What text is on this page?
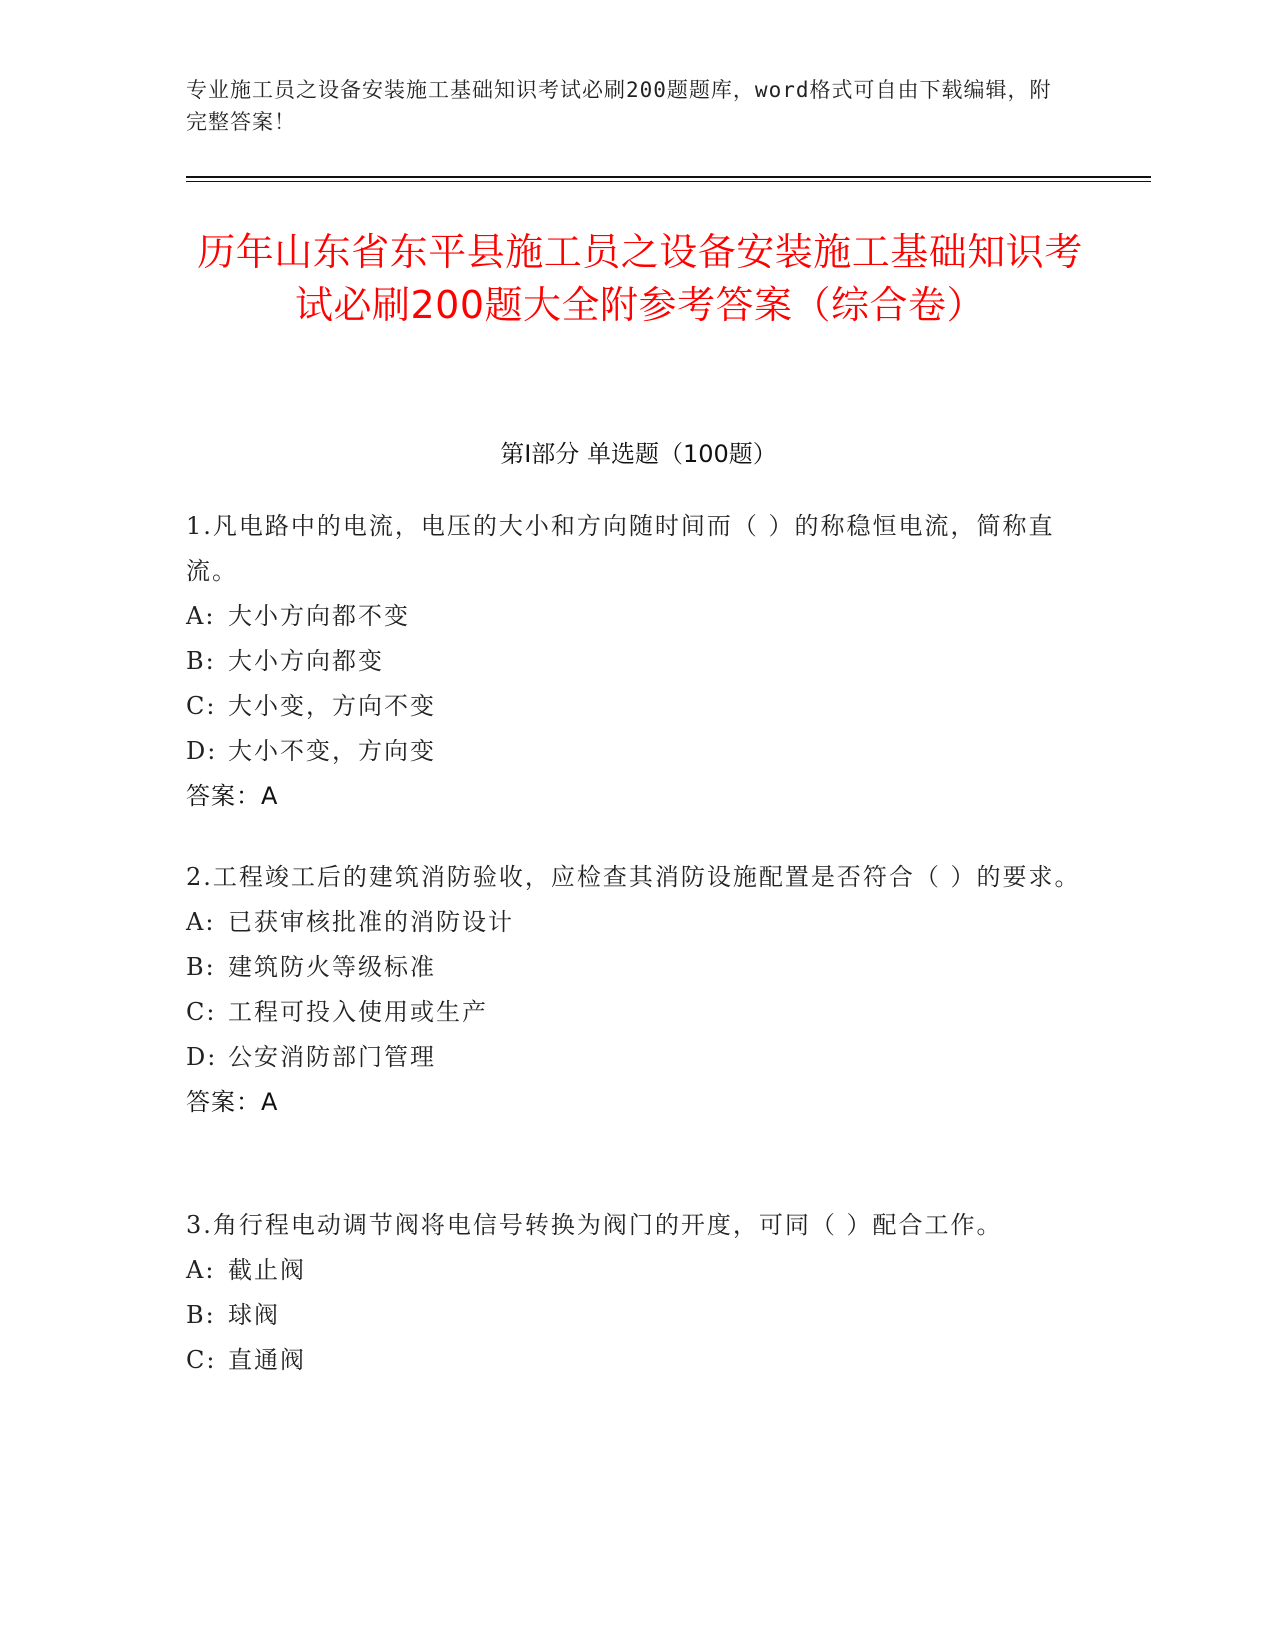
专业施工员之设备安装施工基础知识考试必刷200题题库，word格式可自由下载编辑，附完整答案！
历年山东省东平县施工员之设备安装施工基础知识考试必刷200题大全附参考答案（综合卷）
第Ⅰ部分 单选题（100题）

1.凡电路中的电流，电压的大小和方向随时间而（ ）的称稳恒电流，简称直流。

A: 大小方向都不变

B: 大小方向都变

C: 大小变，方向不变

D: 大小不变，方向变

答案：A

2.工程竣工后的建筑消防验收，应检查其消防设施配置是否符合（ ）的要求。

A: 已获审核批准的消防设计

B: 建筑防火等级标准

C: 工程可投入使用或生产

D: 公安消防部门管理

答案：A

3.角行程电动调节阀将电信号转换为阀门的开度，可同（ ）配合工作。

A: 截止阀

B: 球阀

C: 直通阀
